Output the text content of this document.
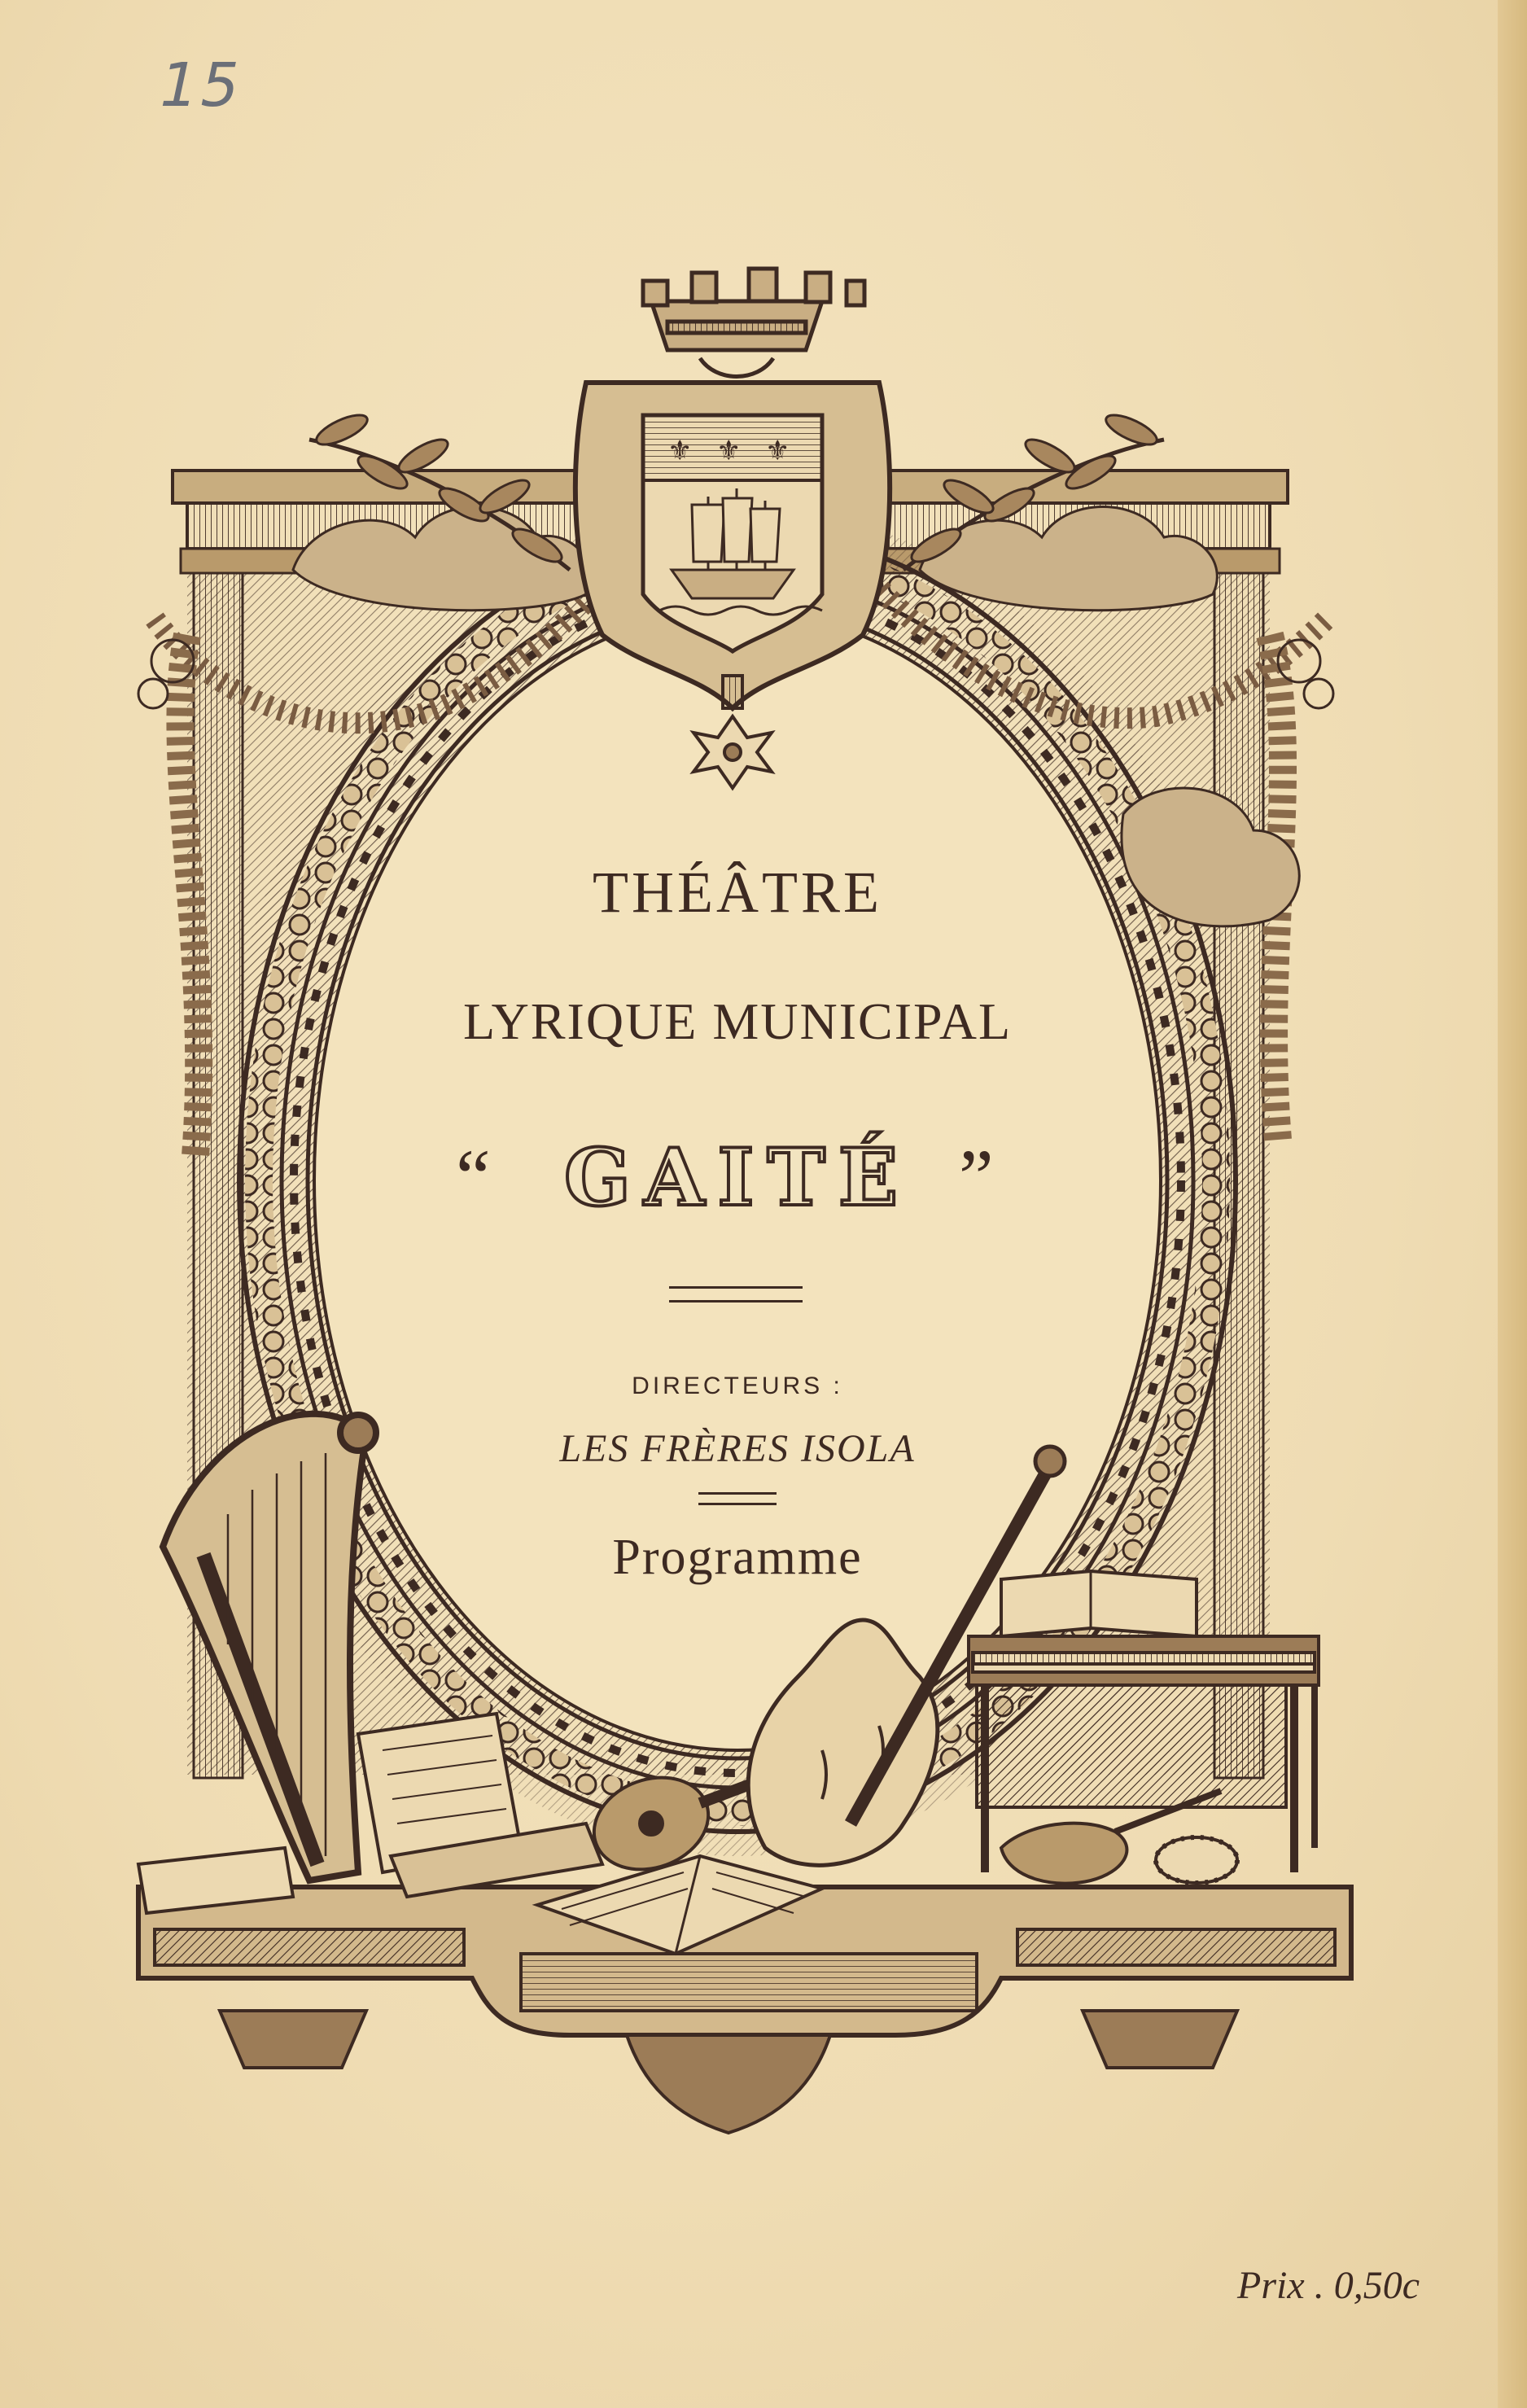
15
⚜ ⚜ ⚜
THÉÂTRE
LYRIQUE MUNICIPAL
“ GAITÉ ”
DIRECTEURS :
LES FRÈRES ISOLA
Programme
Prix . 0,50c
